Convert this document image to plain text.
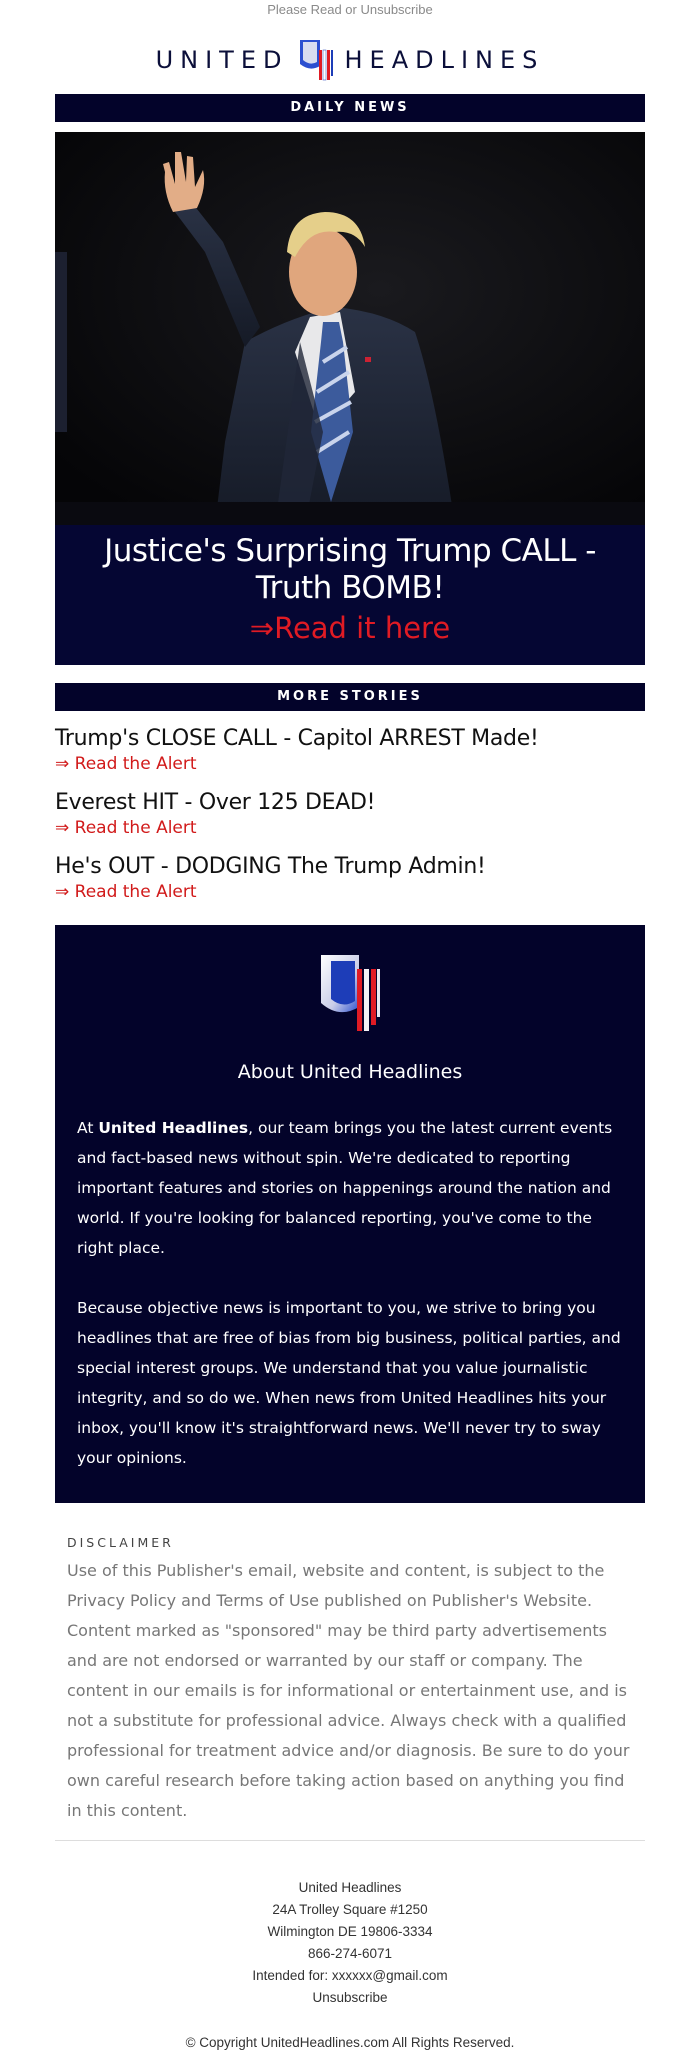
Please Read or Unsubscribe
UNITED HEADLINES
DAILY NEWS
Justice's Surprising Trump CALL - Truth BOMB!
⇒Read it here
MORE STORIES
Trump's CLOSE CALL - Capitol ARREST Made!
⇒ Read the Alert
Everest HIT - Over 125 DEAD!
⇒ Read the Alert
He's OUT - DODGING The Trump Admin!
⇒ Read the Alert
About United Headlines

At United Headlines, our team brings you the latest current events and fact-based news without spin. We're dedicated to reporting important features and stories on happenings around the nation and world. If you're looking for balanced reporting, you've come to the right place.

Because objective news is important to you, we strive to bring you headlines that are free of bias from big business, political parties, and special interest groups. We understand that you value journalistic integrity, and so do we. When news from United Headlines hits your inbox, you'll know it's straightforward news. We'll never try to sway your opinions.

DISCLAIMER
Use of this Publisher's email, website and content, is subject to the Privacy Policy and Terms of Use published on Publisher's Website. Content marked as "sponsored" may be third party advertisements and are not endorsed or warranted by our staff or company. The content in our emails is for informational or entertainment use, and is not a substitute for professional advice. Always check with a qualified professional for treatment advice and/or diagnosis. Be sure to do your own careful research before taking action based on anything you find in this content.
United Headlines
24A Trolley Square #1250
Wilmington DE 19806-3334
866-274-6071
Intended for: xxxxxx@gmail.com
Unsubscribe
© Copyright UnitedHeadlines.com All Rights Reserved.
